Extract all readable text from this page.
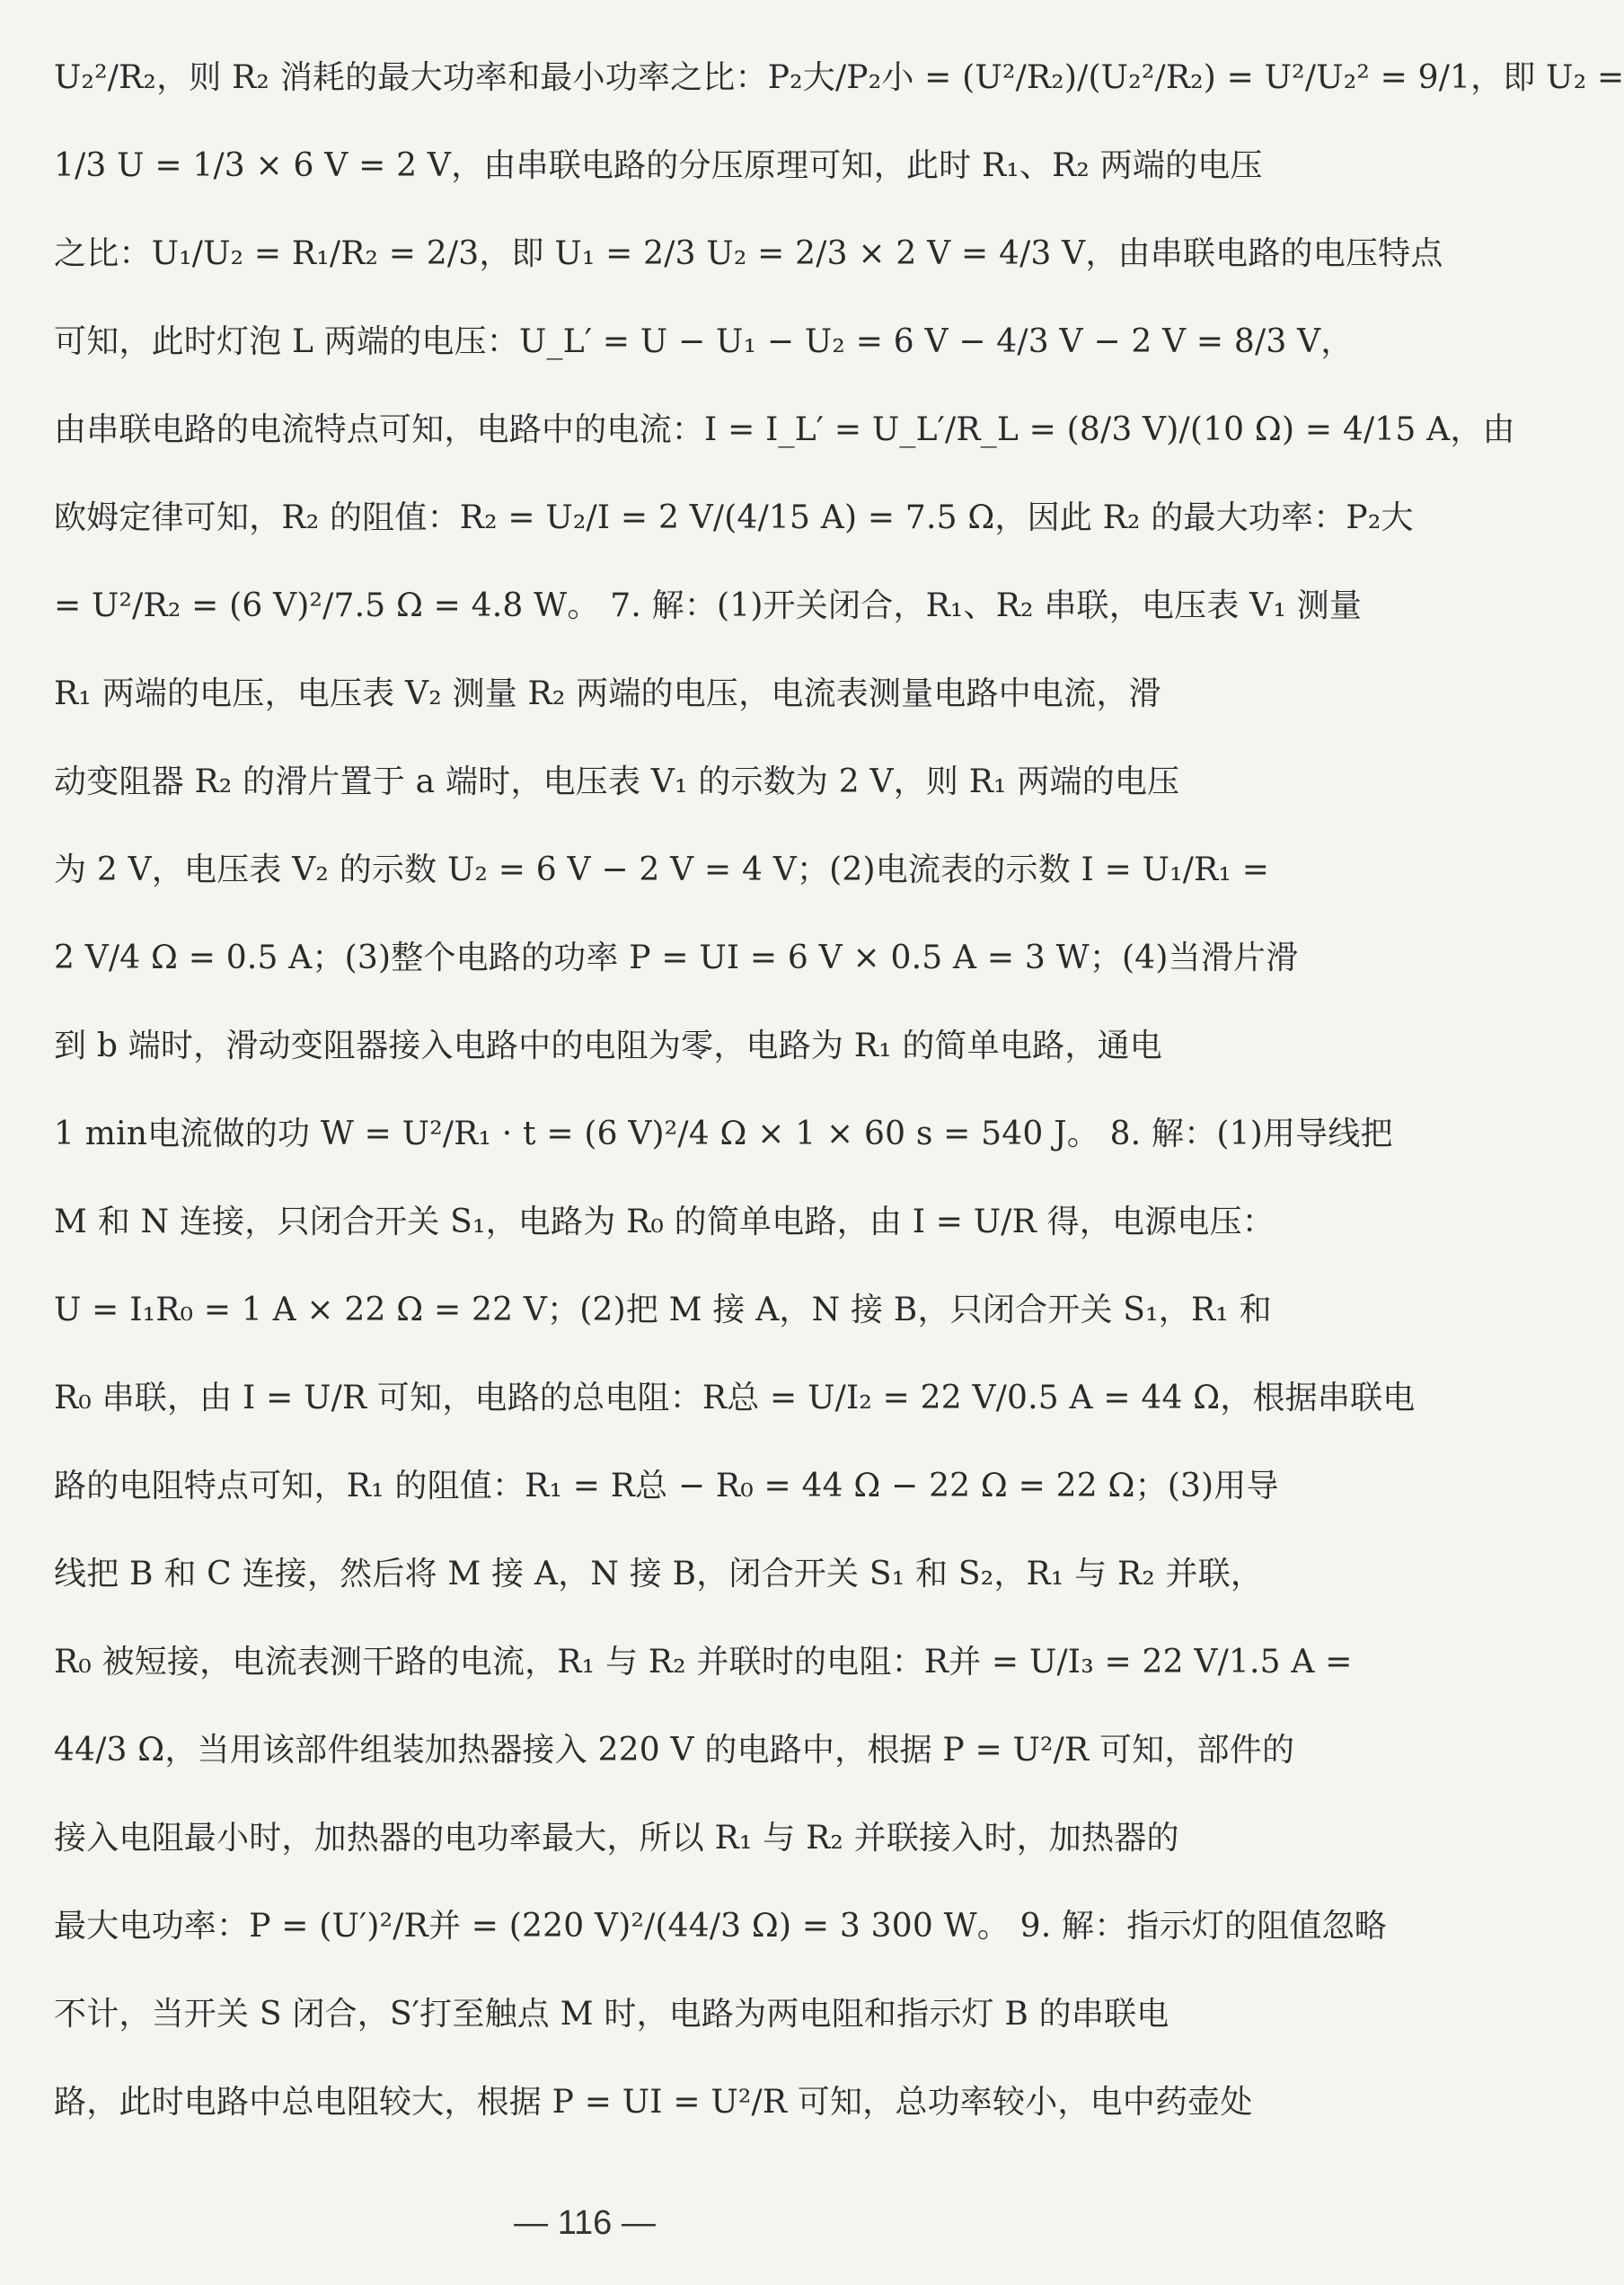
U₂²/R₂，则 R₂ 消耗的最大功率和最小功率之比：P₂大/P₂小 = (U²/R₂)/(U₂²/R₂) = U²/U₂² = 9/1，即 U₂ =
1/3 U = 1/3 × 6 V = 2 V，由串联电路的分压原理可知，此时 R₁、R₂ 两端的电压
之比：U₁/U₂ = R₁/R₂ = 2/3，即 U₁ = 2/3 U₂ = 2/3 × 2 V = 4/3 V，由串联电路的电压特点
可知，此时灯泡 L 两端的电压：U_L′ = U − U₁ − U₂ = 6 V − 4/3 V − 2 V = 8/3 V，
由串联电路的电流特点可知，电路中的电流：I = I_L′ = U_L′/R_L = (8/3 V)/(10 Ω) = 4/15 A，由
欧姆定律可知，R₂ 的阻值：R₂ = U₂/I = 2 V/(4/15 A) = 7.5 Ω，因此 R₂ 的最大功率：P₂大
= U²/R₂ = (6 V)²/7.5 Ω = 4.8 W。 7. 解：(1)开关闭合，R₁、R₂ 串联，电压表 V₁ 测量
R₁ 两端的电压，电压表 V₂ 测量 R₂ 两端的电压，电流表测量电路中电流，滑
动变阻器 R₂ 的滑片置于 a 端时，电压表 V₁ 的示数为 2 V，则 R₁ 两端的电压
为 2 V，电压表 V₂ 的示数 U₂ = 6 V − 2 V = 4 V；(2)电流表的示数 I = U₁/R₁ =
2 V/4 Ω = 0.5 A；(3)整个电路的功率 P = UI = 6 V × 0.5 A = 3 W；(4)当滑片滑
到 b 端时，滑动变阻器接入电路中的电阻为零，电路为 R₁ 的简单电路，通电
1 min电流做的功 W = U²/R₁ · t = (6 V)²/4 Ω × 1 × 60 s = 540 J。 8. 解：(1)用导线把
M 和 N 连接，只闭合开关 S₁，电路为 R₀ 的简单电路，由 I = U/R 得，电源电压：
U = I₁R₀ = 1 A × 22 Ω = 22 V；(2)把 M 接 A，N 接 B，只闭合开关 S₁，R₁ 和
R₀ 串联，由 I = U/R 可知，电路的总电阻：R总 = U/I₂ = 22 V/0.5 A = 44 Ω，根据串联电
路的电阻特点可知，R₁ 的阻值：R₁ = R总 − R₀ = 44 Ω − 22 Ω = 22 Ω；(3)用导
线把 B 和 C 连接，然后将 M 接 A，N 接 B，闭合开关 S₁ 和 S₂，R₁ 与 R₂ 并联，
R₀ 被短接，电流表测干路的电流，R₁ 与 R₂ 并联时的电阻：R并 = U/I₃ = 22 V/1.5 A =
44/3 Ω，当用该部件组装加热器接入 220 V 的电路中，根据 P = U²/R 可知，部件的
接入电阻最小时，加热器的电功率最大，所以 R₁ 与 R₂ 并联接入时，加热器的
最大电功率：P = (U′)²/R并 = (220 V)²/(44/3 Ω) = 3 300 W。 9. 解：指示灯的阻值忽略
不计，当开关 S 闭合，S′打至触点 M 时，电路为两电阻和指示灯 B 的串联电
路，此时电路中总电阻较大，根据 P = UI = U²/R 可知，总功率较小，电中药壶处
— 116 —
